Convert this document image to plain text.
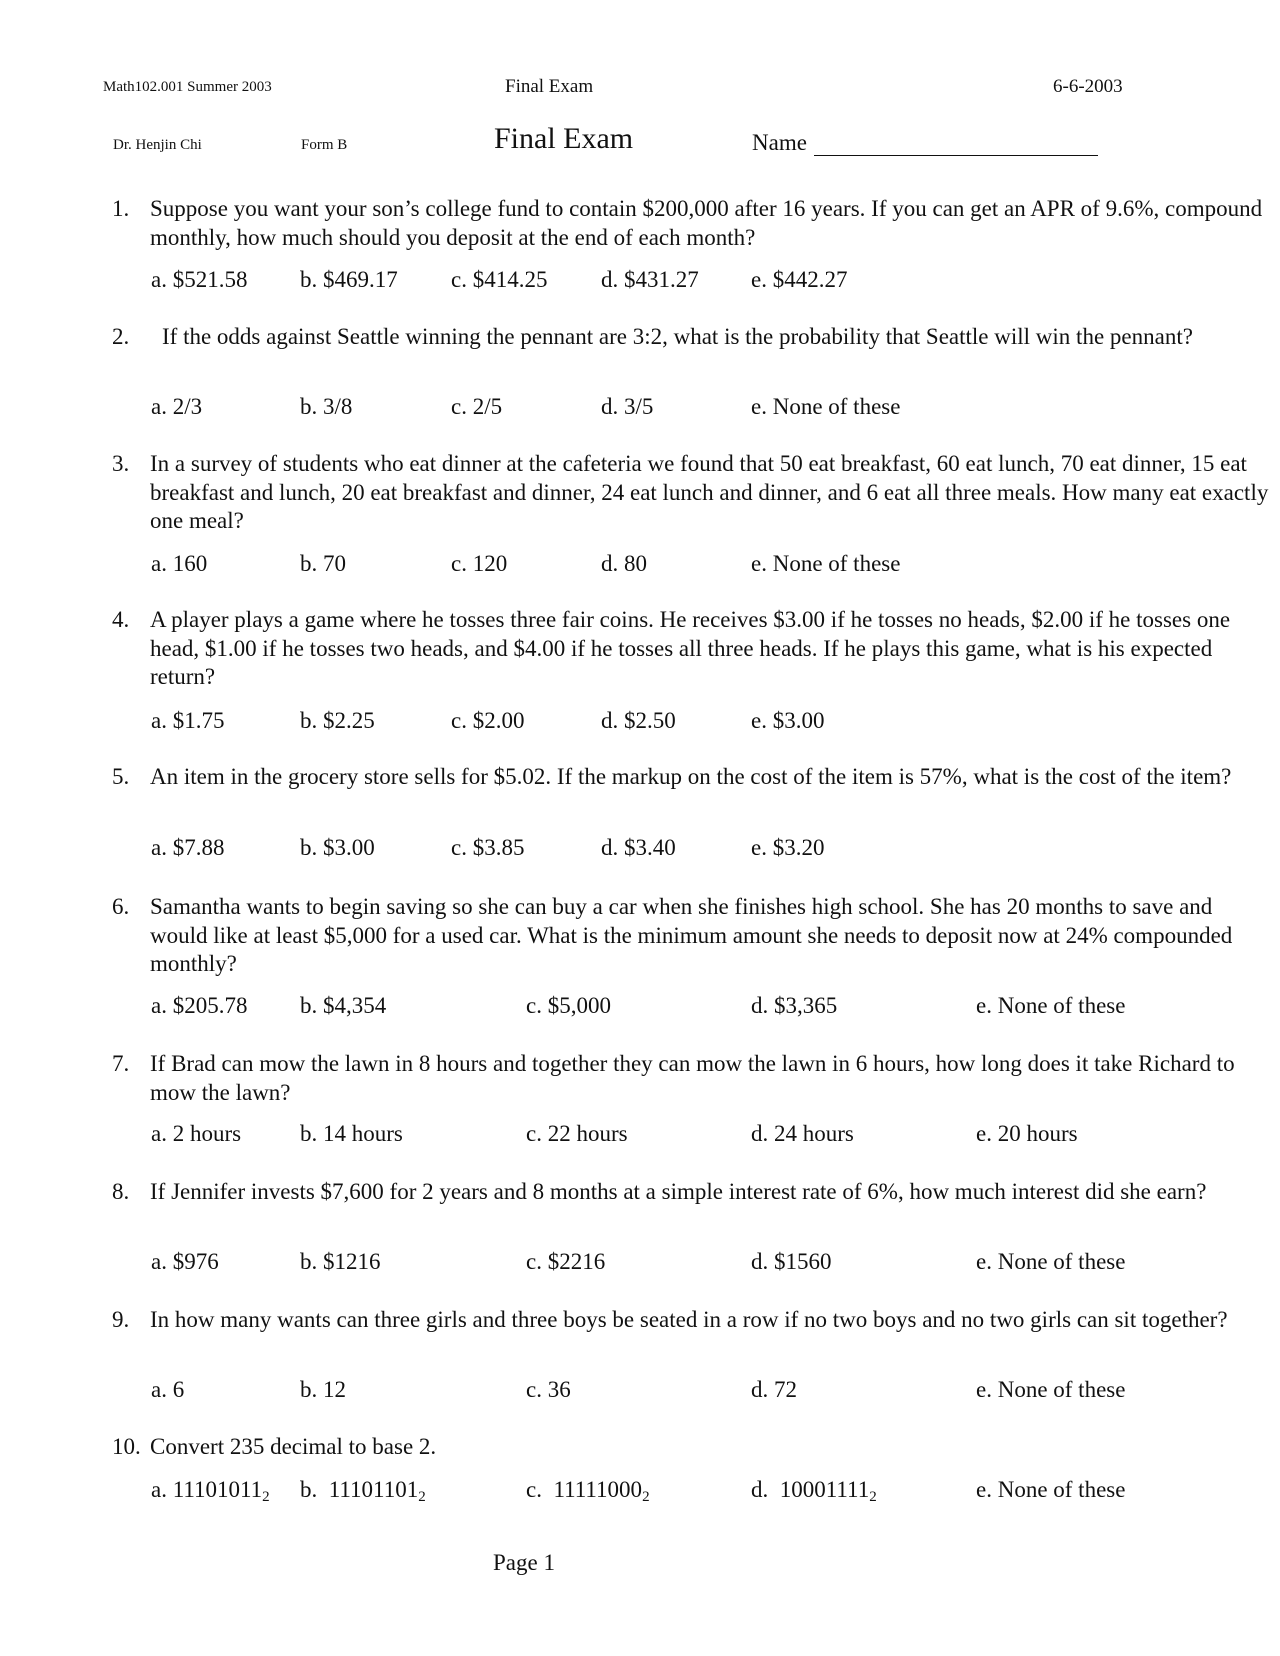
Math102.001 Summer 2003	Final Exam	6-6-2003
Dr. Henjin Chi	Form B	Final Exam	Name
1. Suppose you want your son’s college fund to contain $200,000 after 16 years. If you can get an APR of 9.6%, compound monthly, how much should you deposit at the end of each month?
a. $521.58 b. $469.17 c. $414.25 d. $431.27 e. $442.27
2. If the odds against Seattle winning the pennant are 3:2, what is the probability that Seattle will win the pennant?
a. 2/3	b. 3/8	c. 2/5	d. 3/5	e. None of these
3. In a survey of students who eat dinner at the cafeteria we found that 50 eat breakfast, 60 eat lunch, 70 eat dinner, 15 eat breakfast and lunch, 20 eat breakfast and dinner, 24 eat lunch and dinner, and 6 eat all three meals. How many eat exactly one meal?
a. 160	b. 70	c. 120	d. 80	e. None of these
4. A player plays a game where he tosses three fair coins. He receives $3.00 if he tosses no heads, $2.00 if he tosses one head, $1.00 if he tosses two heads, and $4.00 if he tosses all three heads. If he plays this game, what is his expected return?
a. $1.75	b. $2.25	c. $2.00	d. $2.50	e. $3.00
5. An item in the grocery store sells for $5.02. If the markup on the cost of the item is 57%, what is the cost of the item?
a. $7.88	b. $3.00	c. $3.85	d. $3.40	e. $3.20
6. Samantha wants to begin saving so she can buy a car when she finishes high school. She has 20 months to save and would like at least $5,000 for a used car. What is the minimum amount she needs to deposit now at 24% compounded monthly?
a. $205.78 b. $4,354	c. $5,000	d. $3,365	e. None of these
7. If Brad can mow the lawn in 8 hours and together they can mow the lawn in 6 hours, how long does it take Richard to mow the lawn?
a. 2 hours	b. 14 hours	c. 22 hours	d. 24 hours	e. 20 hours
8. If Jennifer invests $7,600 for 2 years and 8 months at a simple interest rate of 6%, how much interest did she earn?
a. $976	b. $1216	c. $2216	d. $1560	e. None of these
9. In how many wants can three girls and three boys be seated in a row if no two boys and no two girls can sit together?
a. 6	b. 12	c. 36	d. 72	e. None of these
10. Convert 235 decimal to base 2.
a. $11101011_2$ b.  $11101101_2$	c.  $11111000_2$	d.  $10001111_2$	e. None of these
Page 1
